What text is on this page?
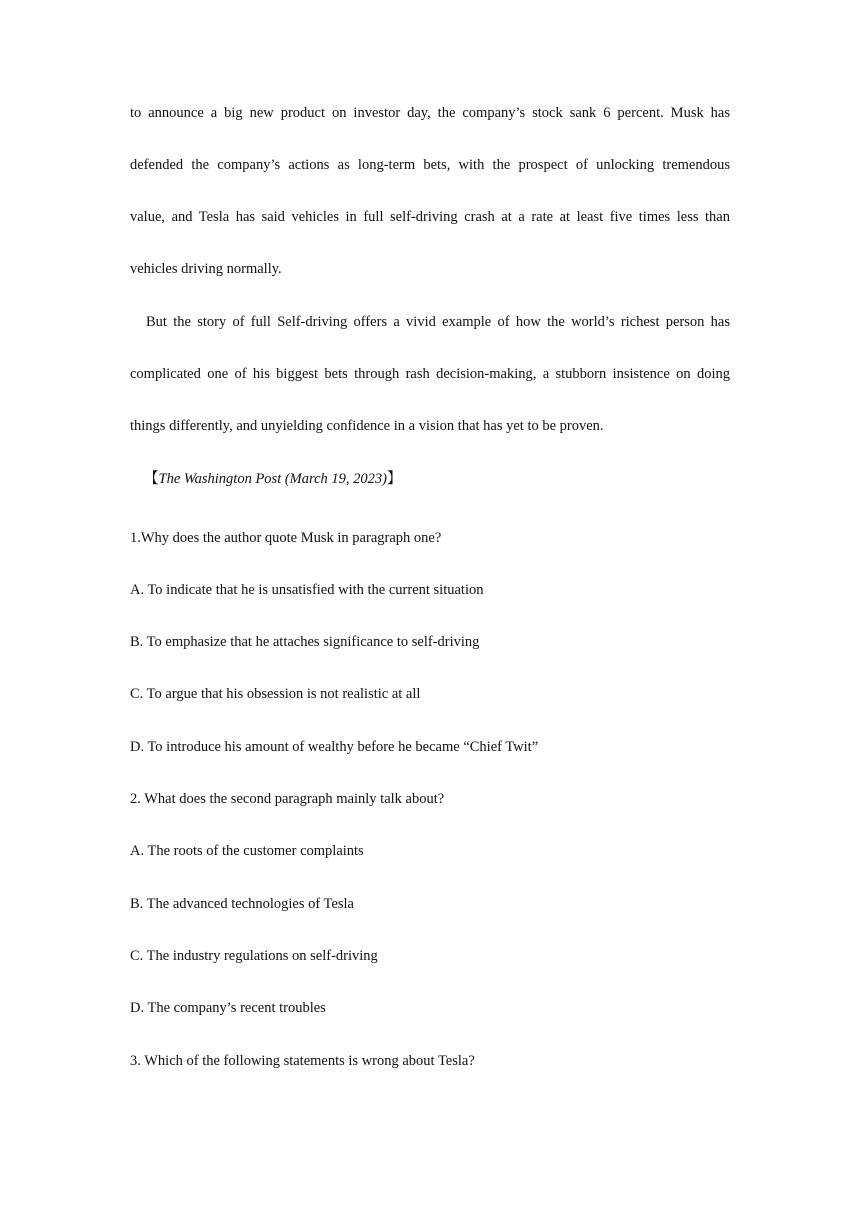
to announce a big new product on investor day, the company’s stock sank 6 percent. Musk has
defended the company’s actions as long-term bets, with the prospect of unlocking tremendous
value, and Tesla has said vehicles in full self-driving crash at a rate at least five times less than
vehicles driving normally.
But the story of full Self-driving offers a vivid example of how the world’s richest person has
complicated one of his biggest bets through rash decision-making, a stubborn insistence on doing
things differently, and unyielding confidence in a vision that has yet to be proven.
【The Washington Post (March 19, 2023)】
1.Why does the author quote Musk in paragraph one?
A. To indicate that he is unsatisfied with the current situation
B. To emphasize that he attaches significance to self-driving
C. To argue that his obsession is not realistic at all
D. To introduce his amount of wealthy before he became “Chief Twit”
2. What does the second paragraph mainly talk about?
A. The roots of the customer complaints
B. The advanced technologies of Tesla
C. The industry regulations on self-driving
D. The company’s recent troubles
3. Which of the following statements is wrong about Tesla?
